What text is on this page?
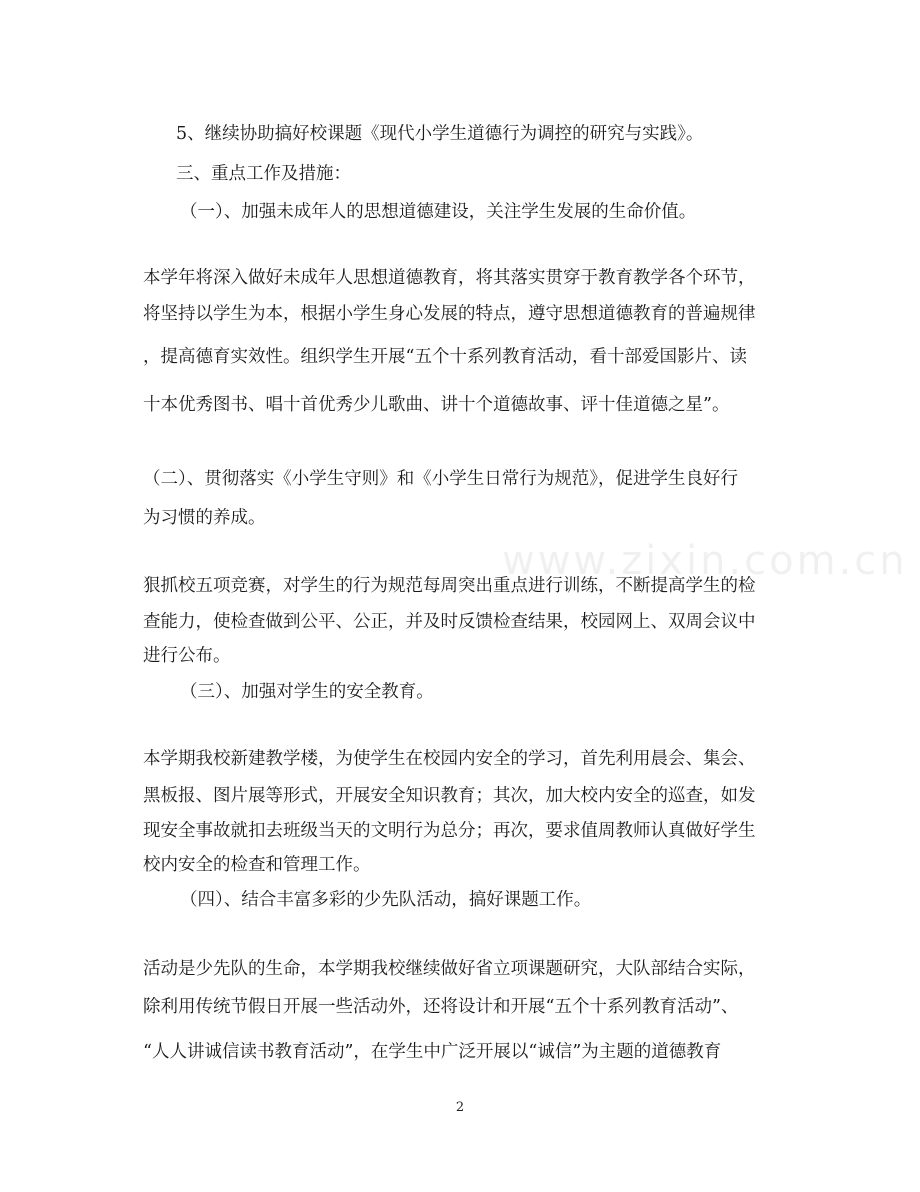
www.zixin.com.cn
5、继续协助搞好校课题《现代小学生道德行为调控的研究与实践》。
三、重点工作及措施：
（一）、加强未成年人的思想道德建设，关注学生发展的生命价值。
本学年将深入做好未成年人思想道德教育，将其落实贯穿于教育教学各个环节，
将坚持以学生为本，根据小学生身心发展的特点，遵守思想道德教育的普遍规律
，提高德育实效性。组织学生开展“五个十系列教育活动，看十部爱国影片、读
十本优秀图书、唱十首优秀少儿歌曲、讲十个道德故事、评十佳道德之星”。
（二）、贯彻落实《小学生守则》和《小学生日常行为规范》，促进学生良好行
为习惯的养成。
狠抓校五项竞赛，对学生的行为规范每周突出重点进行训练，不断提高学生的检
查能力，使检查做到公平、公正，并及时反馈检查结果，校园网上、双周会议中
进行公布。
（三）、加强对学生的安全教育。
本学期我校新建教学楼，为使学生在校园内安全的学习，首先利用晨会、集会、
黑板报、图片展等形式，开展安全知识教育；其次，加大校内安全的巡查，如发
现安全事故就扣去班级当天的文明行为总分；再次，要求值周教师认真做好学生
校内安全的检查和管理工作。
（四）、结合丰富多彩的少先队活动，搞好课题工作。
活动是少先队的生命，本学期我校继续做好省立项课题研究，大队部结合实际，
除利用传统节假日开展一些活动外，还将设计和开展“五个十系列教育活动”、
“人人讲诚信读书教育活动”，在学生中广泛开展以“诚信”为主题的道德教育
2
